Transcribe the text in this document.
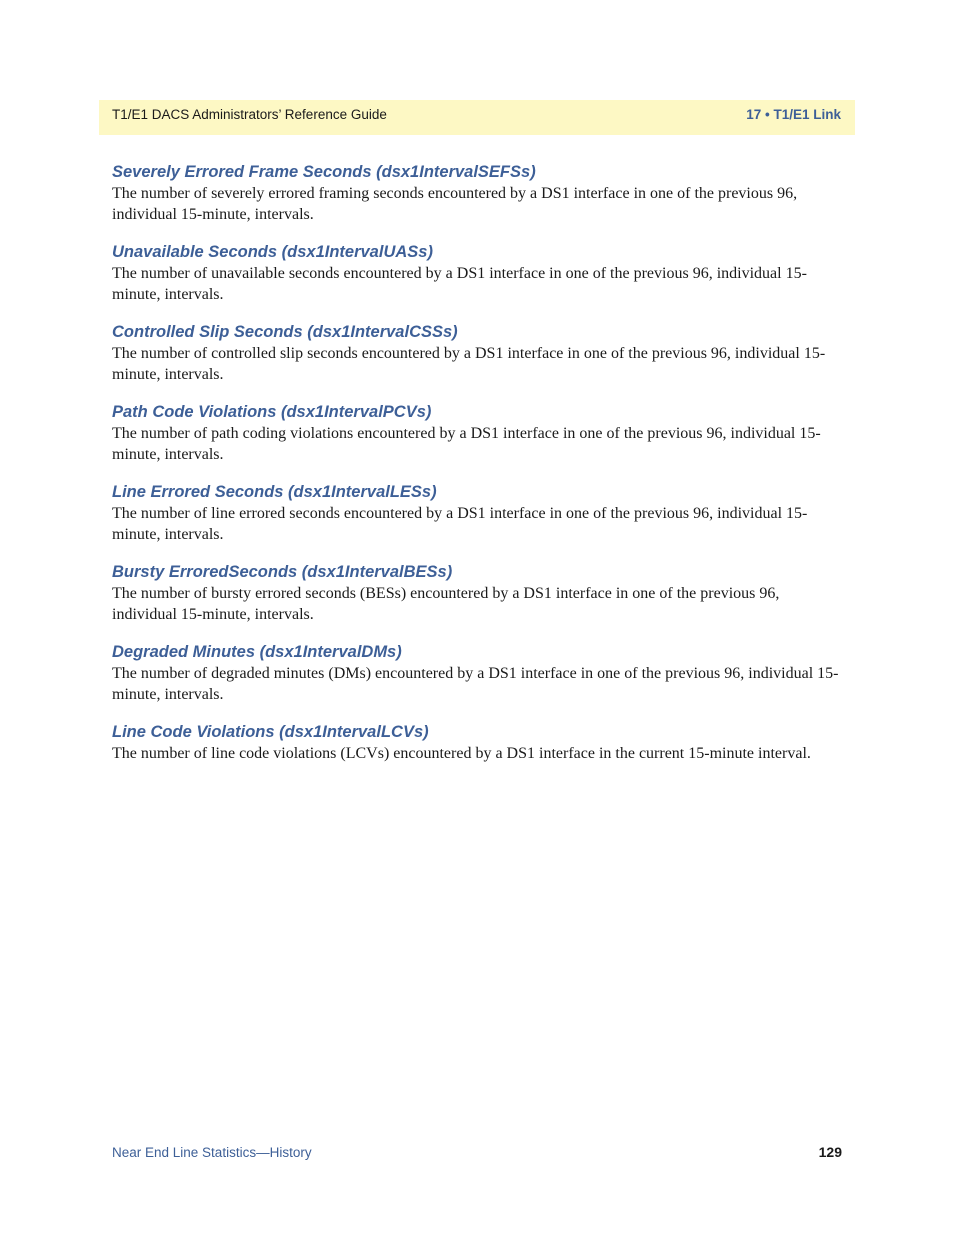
T1/E1 DACS Administrators’ Reference Guide	17 • T1/E1 Link
Severely Errored Frame Seconds (dsx1IntervalSEFSs)

The number of severely errored framing seconds encountered by a DS1 interface in one of the previous 96, individual 15-minute, intervals.

Unavailable Seconds (dsx1IntervalUASs)

The number of unavailable seconds encountered by a DS1 interface in one of the previous 96, individual 15-minute, intervals.

Controlled Slip Seconds (dsx1IntervalCSSs)

The number of controlled slip seconds encountered by a DS1 interface in one of the previous 96, individual 15-minute, intervals.

Path Code Violations (dsx1IntervalPCVs)

The number of path coding violations encountered by a DS1 interface in one of the previous 96, individual 15-minute, intervals.

Line Errored Seconds (dsx1IntervalLESs)

The number of line errored seconds encountered by a DS1 interface in one of the previous 96, individual 15-minute, intervals.

Bursty ErroredSeconds (dsx1IntervalBESs)

The number of bursty errored seconds (BESs) encountered by a DS1 interface in one of the previous 96, individual 15-minute, intervals.

Degraded Minutes (dsx1IntervalDMs)

The number of degraded minutes (DMs) encountered by a DS1 interface in one of the previous 96, individual 15-minute, intervals.

Line Code Violations (dsx1IntervalLCVs)

The number of line code violations (LCVs) encountered by a DS1 interface in the current 15-minute interval.

Near End Line Statistics—History	129
